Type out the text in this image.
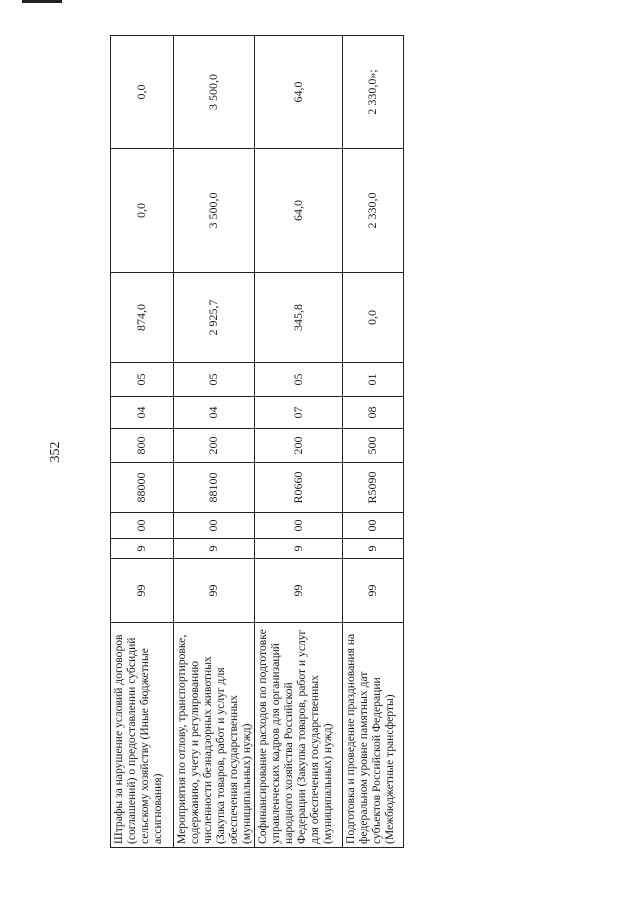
352
Штрафы за нарушение условий договоров (соглашений) о предоставлении субсидий сельскому хозяйству (Иные бюджетные ассигнования)	99	9	00	88000	800	04	05	874,0	0,0	0,0
Мероприятия по отлову, транспортировке, содержанию, учету и регулированию численности безнадзорных животных (Закупка товаров, работ и услуг для обеспечения государственных (муниципальных) нужд)	99	9	00	88100	200	04	05	2 925,7	3 500,0	3 500,0
Софинансирование расходов по подготовке управленческих кадров для организаций народного хозяйства Российской Федерации (Закупка товаров, работ и услуг для обеспечения государственных (муниципальных) нужд)	99	9	00	R0660	200	07	05	345,8	64,0	64,0
Подготовка и проведение празднования на федеральном уровне памятных дат субъектов Российской Федерации (Межбюджетные трансферты)	99	9	00	R5090	500	08	01	0,0	2 330,0	2 330,0»;
